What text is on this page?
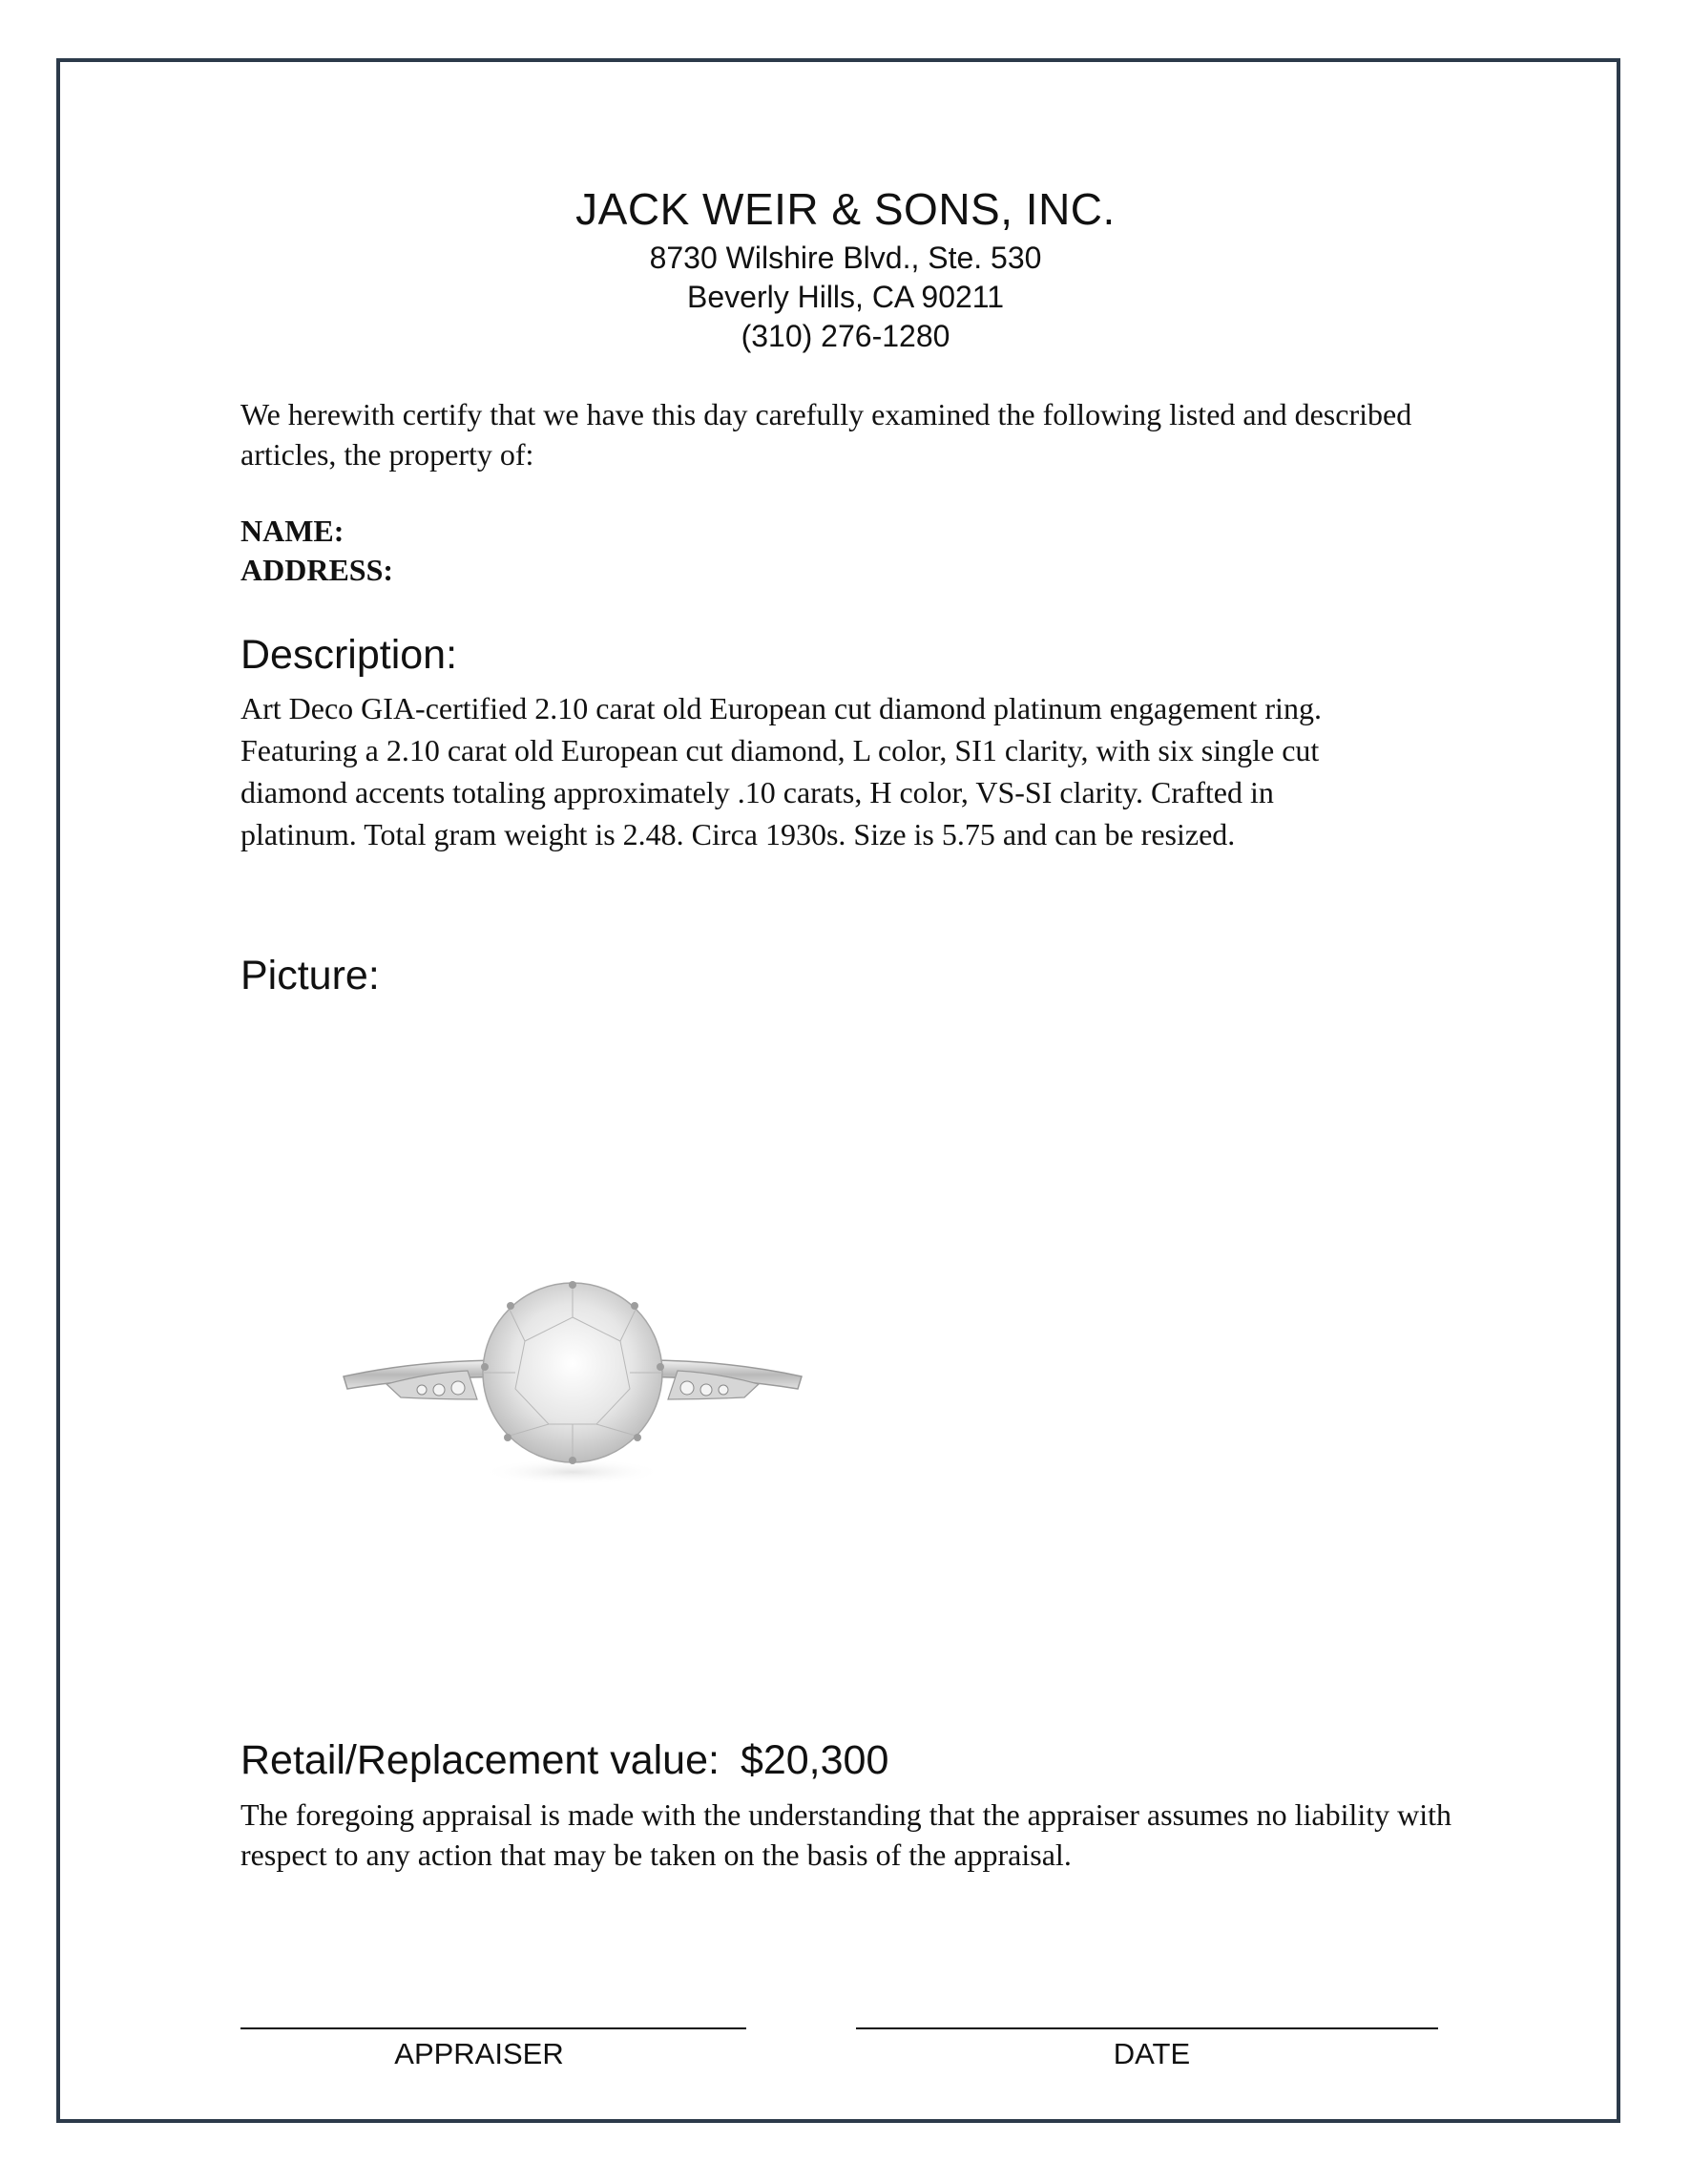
JACK WEIR & SONS, INC.
8730 Wilshire Blvd., Ste. 530
Beverly Hills, CA 90211
(310) 276-1280
We herewith certify that we have this day carefully examined the following listed and described articles, the property of:
NAME:
ADDRESS:
Description:
Art Deco GIA-certified 2.10 carat old European cut diamond platinum engagement ring. Featuring a 2.10 carat old European cut diamond, L color, SI1 clarity, with six single cut diamond accents totaling approximately .10 carats, H color, VS-SI clarity. Crafted in platinum. Total gram weight is 2.48. Circa 1930s. Size is 5.75 and can be resized.
Picture:
Retail/Replacement value: $20,300
The foregoing appraisal is made with the understanding that the appraiser assumes no liability with respect to any action that may be taken on the basis of the appraisal.
APPRAISER	DATE
